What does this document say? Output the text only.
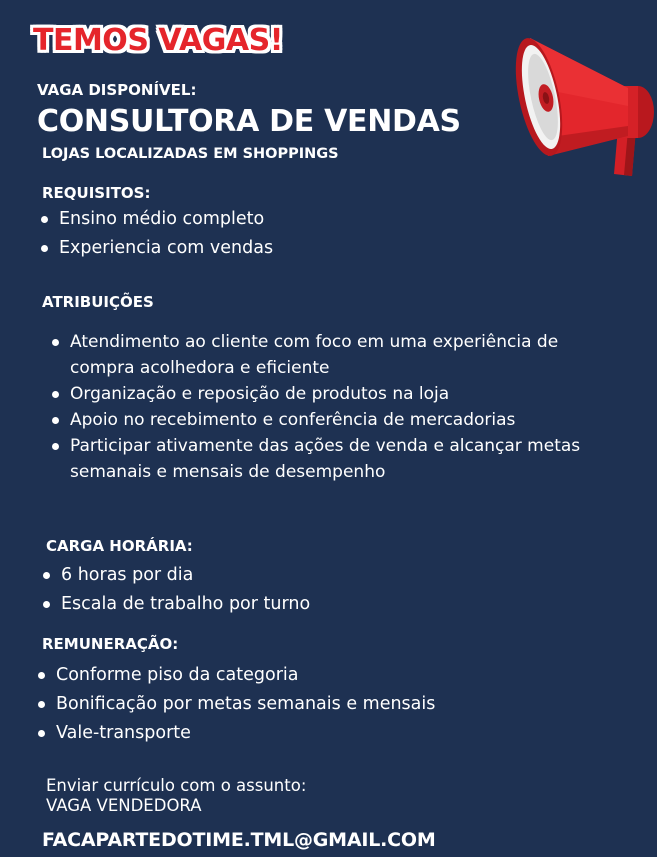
TEMOS VAGAS!
VAGA DISPONÍVEL:
CONSULTORA DE VENDAS
LOJAS LOCALIZADAS EM SHOPPINGS
REQUISITOS:
Ensino médio completo
Experiencia com vendas
ATRIBUIÇÕES
Atendimento ao cliente com foco em uma experiência de compra acolhedora e eficiente
Organização e reposição de produtos na loja
Apoio no recebimento e conferência de mercadorias
Participar ativamente das ações de venda e alcançar metas semanais e mensais de desempenho
CARGA HORÁRIA:
6 horas por dia
Escala de trabalho por turno
REMUNERAÇÃO:
Conforme piso da categoria
Bonificação por metas semanais e mensais
Vale-transporte
Enviar currículo com o assunto:
VAGA VENDEDORA
FACAPARTEDOTIME.TML@GMAIL.COM
